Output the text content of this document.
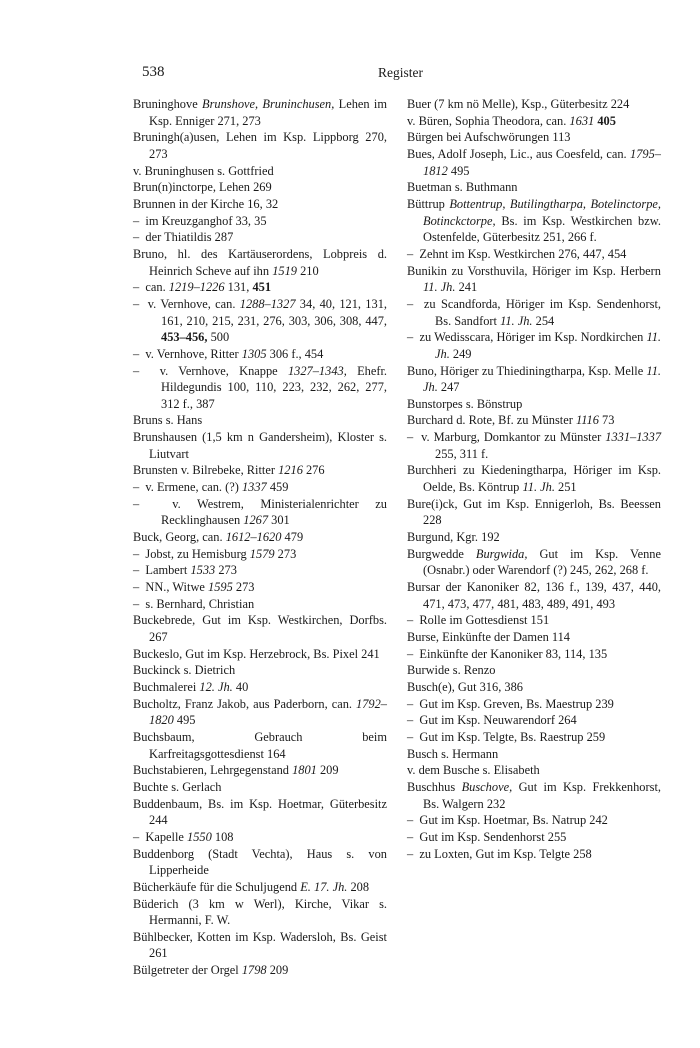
538	Register
Bruninghove Brunshove, Bruninchusen, Lehen im Ksp. Enniger 271, 273
Bruningh(a)usen, Lehen im Ksp. Lippborg 270, 273
v. Bruninghusen s. Gottfried
Brun(n)inctorpe, Lehen 269
Brunnen in der Kirche 16, 32
–  im Kreuzganghof 33, 35
–  der Thiatildis 287
Bruno, hl. des Kartäuserordens, Lobpreis d. Heinrich Scheve auf ihn 1519 210
–  can. 1219–1226 131, 451
–  v. Vernhove, can. 1288–1327 34, 40, 121, 131, 161, 210, 215, 231, 276, 303, 306, 308, 447, 453–456, 500
–  v. Vernhove, Ritter 1305 306 f., 454
–  v. Vernhove, Knappe 1327–1343, Ehefr. Hildegundis 100, 110, 223, 232, 262, 277, 312 f., 387
Bruns s. Hans
Brunshausen (1,5 km n Gandersheim), Kloster s. Liutvart
Brunsten v. Bilrebeke, Ritter 1216 276
–  v. Ermene, can. (?) 1337 459
–  v. Westrem, Ministerialenrichter zu Recklinghausen 1267 301
Buck, Georg, can. 1612–1620 479
–  Jobst, zu Hemisburg 1579 273
–  Lambert 1533 273
–  NN., Witwe 1595 273
–  s. Bernhard, Christian
Buckebrede, Gut im Ksp. Westkirchen, Dorfbs. 267
Buckeslo, Gut im Ksp. Herzebrock, Bs. Pixel 241
Buckinck s. Dietrich
Buchmalerei 12. Jh. 40
Bucholtz, Franz Jakob, aus Paderborn, can. 1792–1820 495
Buchsbaum, Gebrauch beim Karfreitagsgottesdienst 164
Buchstabieren, Lehrgegenstand 1801 209
Buchte s. Gerlach
Buddenbaum, Bs. im Ksp. Hoetmar, Güterbesitz 244
–  Kapelle 1550 108
Buddenborg (Stadt Vechta), Haus s. von Lipperheide
Bücherkäufe für die Schuljugend E. 17. Jh. 208
Büderich (3 km w Werl), Kirche, Vikar s. Hermanni, F. W.
Bühlbecker, Kotten im Ksp. Wadersloh, Bs. Geist 261
Bülgetreter der Orgel 1798 209
Buer (7 km nö Melle), Ksp., Güterbesitz 224
v. Büren, Sophia Theodora, can. 1631 405
Bürgen bei Aufschwörungen 113
Bues, Adolf Joseph, Lic., aus Coesfeld, can. 1795–1812 495
Buetman s. Buthmann
Büttrup Bottentrup, Butilingtharpa, Botelinctorpe, Botinckctorpe, Bs. im Ksp. Westkirchen bzw. Ostenfelde, Güterbesitz 251, 266 f.
–  Zehnt im Ksp. Westkirchen 276, 447, 454
Bunikin zu Vorsthuvila, Höriger im Ksp. Herbern 11. Jh. 241
–  zu Scandforda, Höriger im Ksp. Sendenhorst, Bs. Sandfort 11. Jh. 254
–  zu Wedisscara, Höriger im Ksp. Nordkirchen 11. Jh. 249
Buno, Höriger zu Thiediningtharpa, Ksp. Melle 11. Jh. 247
Bunstorpes s. Bönstrup
Burchard d. Rote, Bf. zu Münster 1116 73
–  v. Marburg, Domkantor zu Münster 1331–1337 255, 311 f.
Burchheri zu Kiedeningtharpa, Höriger im Ksp. Oelde, Bs. Köntrup 11. Jh. 251
Bure(i)ck, Gut im Ksp. Ennigerloh, Bs. Beessen 228
Burgund, Kgr. 192
Burgwedde Burgwida, Gut im Ksp. Venne (Osnabr.) oder Warendorf (?) 245, 262, 268 f.
Bursar der Kanoniker 82, 136 f., 139, 437, 440, 471, 473, 477, 481, 483, 489, 491, 493
–  Rolle im Gottesdienst 151
Burse, Einkünfte der Damen 114
–  Einkünfte der Kanoniker 83, 114, 135
Burwide s. Renzo
Busch(e), Gut 316, 386
–  Gut im Ksp. Greven, Bs. Maestrup 239
–  Gut im Ksp. Neuwarendorf 264
–  Gut im Ksp. Telgte, Bs. Raestrup 259
Busch s. Hermann
v. dem Busche s. Elisabeth
Buschhus Buschove, Gut im Ksp. Frekkenhorst, Bs. Walgern 232
–  Gut im Ksp. Hoetmar, Bs. Natrup 242
–  Gut im Ksp. Sendenhorst 255
–  zu Loxten, Gut im Ksp. Telgte 258
